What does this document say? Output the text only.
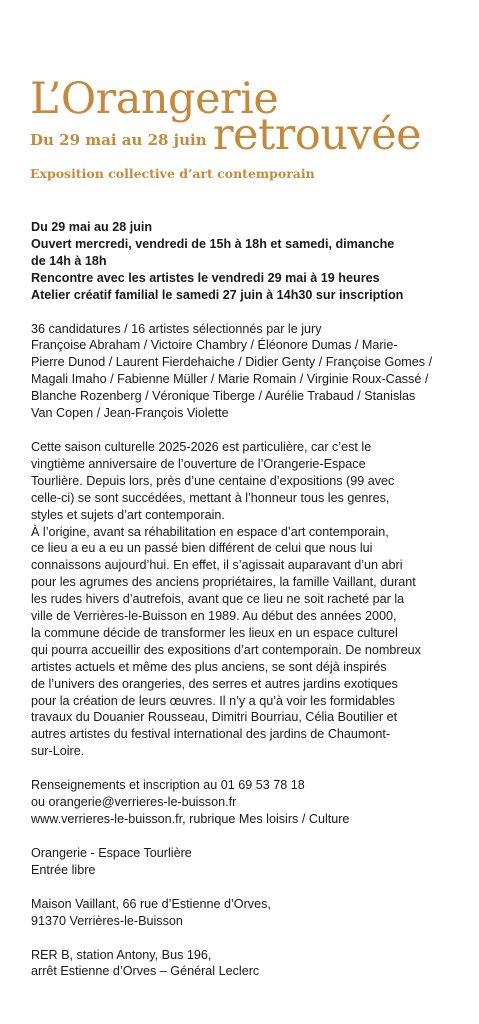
L’Orangerie
retrouvée
Du 29 mai au 28 juin
Exposition collective d’art contemporain

Du 29 mai au 28 juin

Ouvert mercredi, vendredi de 15h à 18h et samedi, dimanche

de 14h à 18h

Rencontre avec les artistes le vendredi 29 mai à 19 heures

Atelier créatif familial le samedi 27 juin à 14h30 sur inscription

36 candidatures / 16 artistes sélectionnés par le jury

Françoise Abraham / Victoire Chambry / Éléonore Dumas / Marie-

Pierre Dunod / Laurent Fierdehaiche / Didier Genty / Françoise Gomes /

Magali Imaho / Fabienne Müller / Marie Romain / Virginie Roux-Cassé /

Blanche Rozenberg / Véronique Tiberge / Aurélie Trabaud / Stanislas

Van Copen / Jean-François Violette

Cette saison culturelle 2025-2026 est particulière, car c’est le

vingtième anniversaire de l’ouverture de l’Orangerie-Espace

Tourlière. Depuis lors, près d’une centaine d’expositions (99 avec

celle-ci) se sont succédées, mettant à l’honneur tous les genres,

styles et sujets d’art contemporain.

À l’origine, avant sa réhabilitation en espace d’art contemporain,

ce lieu a eu a eu un passé bien différent de celui que nous lui

connaissons aujourd’hui. En effet, il s’agissait auparavant d’un abri

pour les agrumes des anciens propriétaires, la famille Vaillant, durant

les rudes hivers d’autrefois, avant que ce lieu ne soit racheté par la

ville de Verrières-le-Buisson en 1989. Au début des années 2000,

la commune décide de transformer les lieux en un espace culturel

qui pourra accueillir des expositions d’art contemporain. De nombreux

artistes actuels et même des plus anciens, se sont déjà inspirés

de l’univers des orangeries, des serres et autres jardins exotiques

pour la création de leurs œuvres. Il n’y a qu’à voir les formidables

travaux du Douanier Rousseau, Dimitri Bourriau, Célia Boutilier et

autres artistes du festival international des jardins de Chaumont-

sur-Loire.

Renseignements et inscription au 01 69 53 78 18

ou orangerie@verrieres-le-buisson.fr

www.verrieres-le-buisson.fr, rubrique Mes loisirs / Culture

Orangerie - Espace Tourlière

Entrée libre

Maison Vaillant, 66 rue d’Estienne d’Orves,

91370 Verrières-le-Buisson

RER B, station Antony, Bus 196,

arrêt Estienne d’Orves – Général Leclerc
